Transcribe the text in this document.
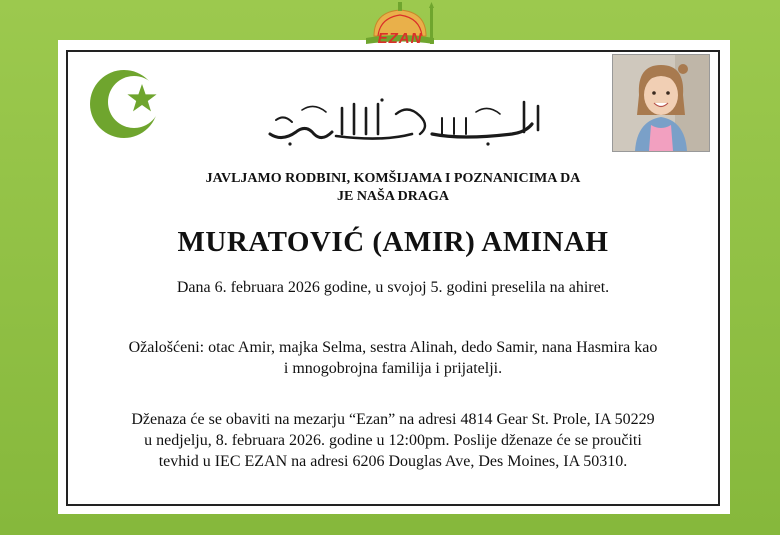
EZAN
JAVLJAMO RODBINI, KOMŠIJAMA I POZNANICIMA DA
JE NAŠA DRAGA
MURATOVIĆ (AMIR) AMINAH
Dana 6. februara 2026 godine, u svojoj 5. godini preselila na ahiret.
Ožalošćeni: otac Amir, majka Selma, sestra Alinah, dedo Samir, nana Hasmira kao
i mnogobrojna familija i prijatelji.
Dženaza će se obaviti na mezarju “Ezan” na adresi 4814 Gear St. Prole, IA 50229
u nedjelju, 8. februara 2026. godine u 12:00pm. Poslije dženaze će se proučiti
tevhid u IEC EZAN na adresi 6206 Douglas Ave, Des Moines, IA 50310.
